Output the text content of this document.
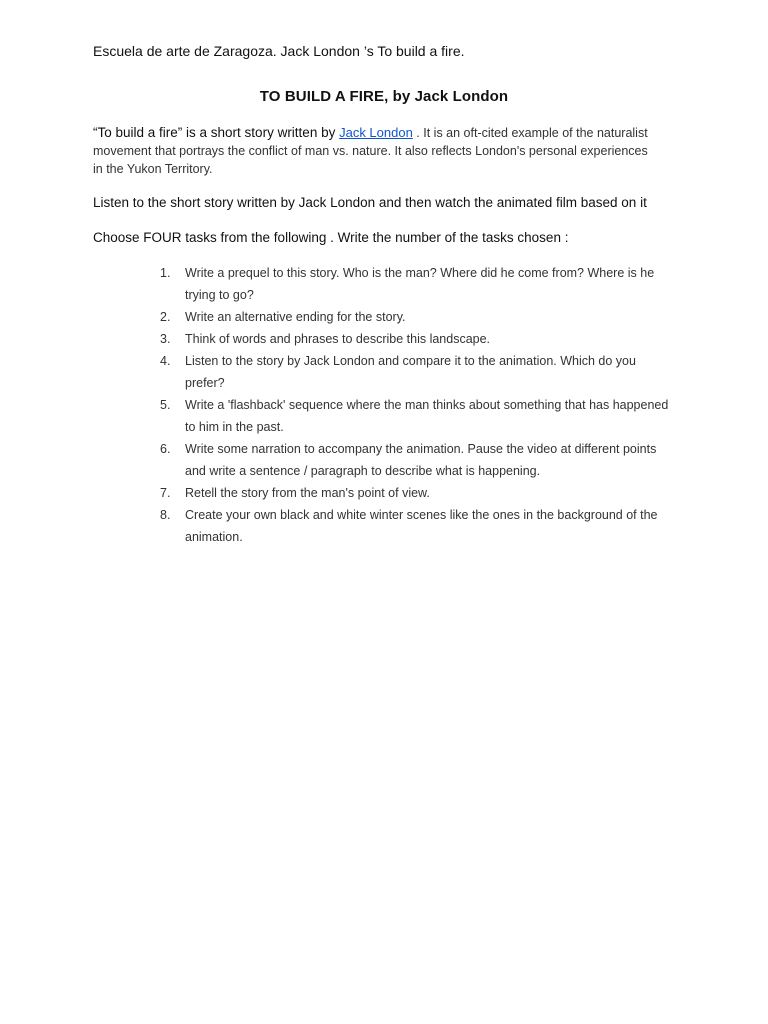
Escuela de arte de Zaragoza. Jack London ’s To build a fire.
TO BUILD A FIRE, by Jack London

“To build a fire” is a short story written by Jack London . It is an oft-cited example of the naturalist movement that portrays the conflict of man vs. nature. It also reflects London's personal experiences in the Yukon Territory.

Listen to the short story written by Jack London and then watch the animated film based on it
Choose FOUR tasks from the following . Write the number of the tasks chosen :
1.	Write a prequel to this story. Who is the man? Where did he come from? Where is he trying to go?
2.	Write an alternative ending for the story.
3.	Think of words and phrases to describe this landscape.
4.	Listen to the story by Jack London and compare it to the animation. Which do you prefer?
5.	Write a 'flashback' sequence where the man thinks about something that has happened to him in the past.
6.	Write some narration to accompany the animation. Pause the video at different points and write a sentence / paragraph to describe what is happening.
7.	Retell the story from the man's point of view.
8.	Create your own black and white winter scenes like the ones in the background of the animation.
